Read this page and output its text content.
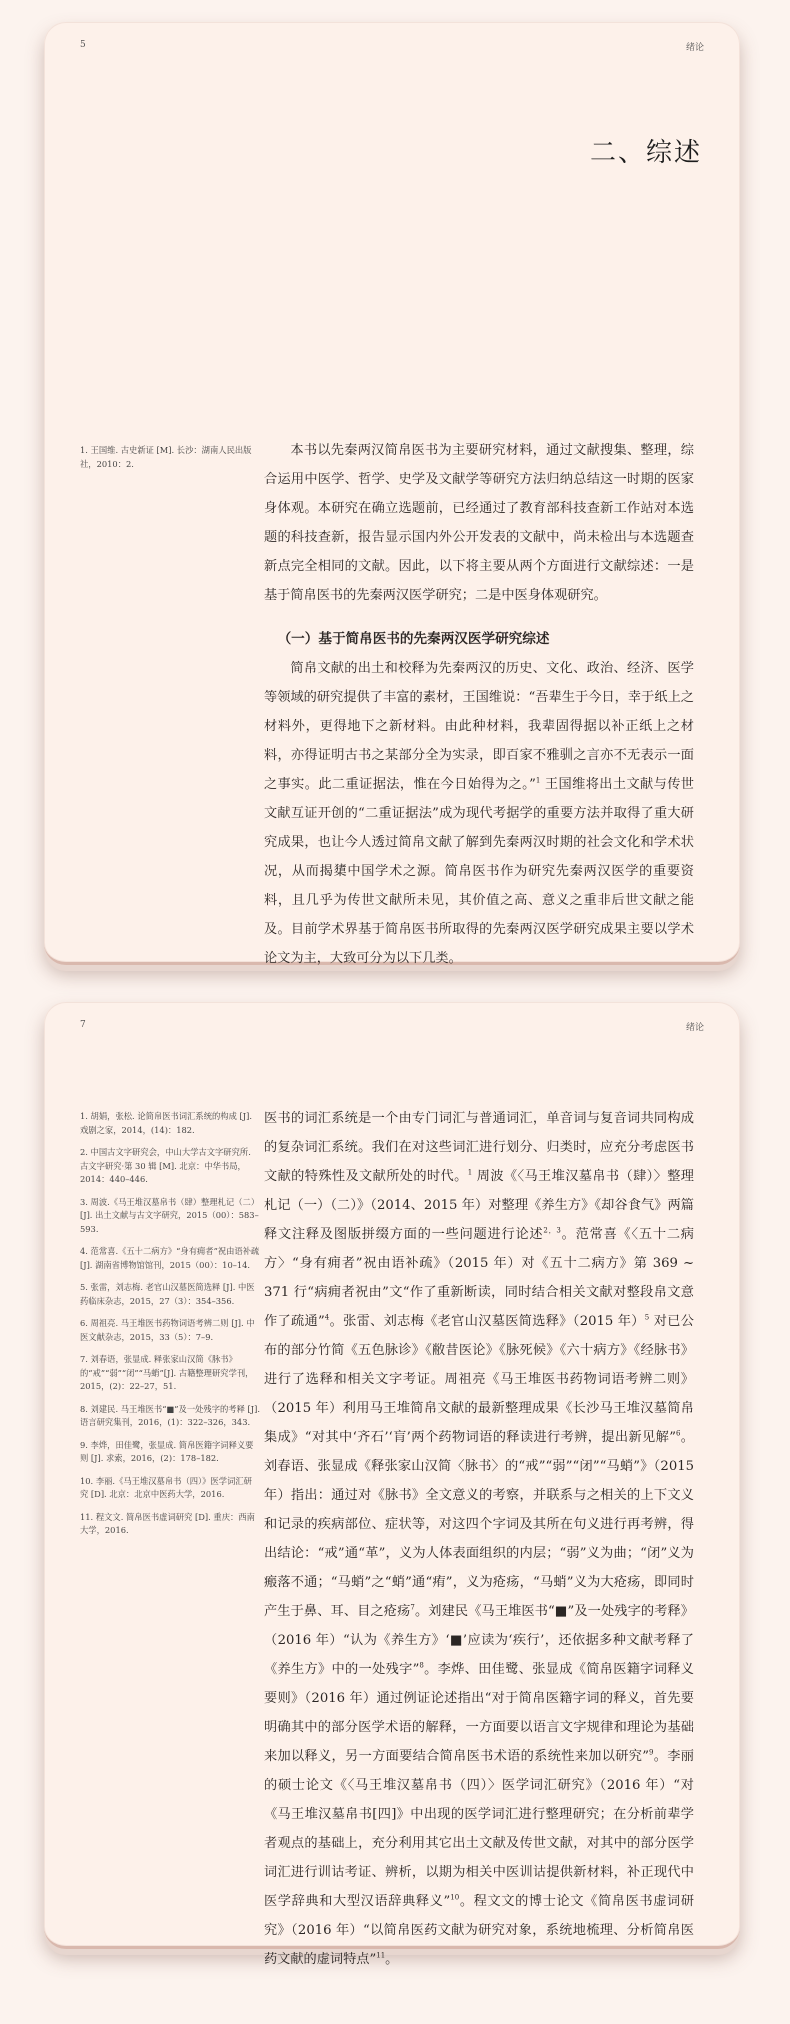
5	绪论
二、综述
1. 王国维. 古史新证 [M]. 长沙：湖南人民出版社，2010：2.

本书以先秦两汉简帛医书为主要研究材料，通过文献搜集、整理，综合运用中医学、哲学、史学及文献学等研究方法归纳总结这一时期的医家身体观。本研究在确立选题前，已经通过了教育部科技查新工作站对本选题的科技查新，报告显示国内外公开发表的文献中，尚未检出与本选题查新点完全相同的文献。因此，以下将主要从两个方面进行文献综述：一是基于简帛医书的先秦两汉医学研究；二是中医身体观研究。

（一）基于简帛医书的先秦两汉医学研究综述

简帛文献的出土和校释为先秦两汉的历史、文化、政治、经济、医学等领域的研究提供了丰富的素材，王国维说：“吾辈生于今日，幸于纸上之材料外，更得地下之新材料。由此种材料，我辈固得据以补正纸上之材料，亦得证明古书之某部分全为实录，即百家不雅驯之言亦不无表示一面之事实。此二重证据法，惟在今日始得为之。”$^1$ 王国维将出土文献与传世文献互证开创的“二重证据法”成为现代考据学的重要方法并取得了重大研究成果，也让今人透过简帛文献了解到先秦两汉时期的社会文化和学术状况，从而揭橥中国学术之源。简帛医书作为研究先秦两汉医学的重要资料，且几乎为传世文献所未见，其价值之高、意义之重非后世文献之能及。目前学术界基于简帛医书所取得的先秦两汉医学研究成果主要以学术论文为主，大致可分为以下几类。

7	绪论
1. 胡娟，张松. 论简帛医书词汇系统的构成 [J]. 戏剧之家，2014，(14)：182.
2. 中国古文字研究会，中山大学古文字研究所. 古文字研究·第 30 辑 [M]. 北京：中华书局，2014：440–446.
3. 周波.《马王堆汉墓帛书（肆）整理札记（二）[J]. 出土文献与古文字研究，2015（00）：583–593.
4. 范常喜.《五十二病方》“身有痈者”祝由语补疏 [J]. 湖南省博物馆馆刊，2015（00）：10–14.
5. 张雷，刘志梅. 老官山汉墓医简选释 [J]. 中医药临床杂志，2015，27（3）：354–356.
6. 周祖亮. 马王堆医书药物词语考辨二则 [J]. 中医文献杂志，2015，33（5）：7–9.
7. 刘春语，张显成. 释张家山汉简《脉书》的“戒”“弱”“闭”“马蛸”[J]. 古籍整理研究学刊，2015，(2)：22–27，51.
8. 刘建民. 马王堆医书“■”及一处残字的考释 [J]. 语言研究集刊，2016，(1)：322–326，343.
9. 李烨，田佳鹭，张显成. 简帛医籍字词释义要则 [J]. 求索，2016，(2)：178–182.
10. 李丽.《马王堆汉墓帛书（四）》医学词汇研究 [D]. 北京：北京中医药大学，2016.
11. 程文文. 简帛医书虚词研究 [D]. 重庆：西南大学，2016.

医书的词汇系统是一个由专门词汇与普通词汇，单音词与复音词共同构成的复杂词汇系统。我们在对这些词汇进行划分、归类时，应充分考虑医书文献的特殊性及文献所处的时代。$^1$ 周波《〈马王堆汉墓帛书（肆）〉整理札记（一）（二）》（2014、2015 年）对整理《养生方》《却谷食气》两篇释文注释及图版拼缀方面的一些问题进行论述$^{2,3}$。范常喜《〈五十二病方〉“身有痈者”祝由语补疏》（2015 年）对《五十二病方》第 369 ~ 371 行“病痈者祝由”文“作了重新断读，同时结合相关文献对整段帛文意作了疏通”$^4$。张雷、刘志梅《老官山汉墓医简选释》（2015 年）$^5$ 对已公布的部分竹简《五色脉诊》《敝昔医论》《脉死候》《六十病方》《经脉书》进行了选释和相关文字考证。周祖亮《马王堆医书药物词语考辨二则》（2015 年）利用马王堆简帛文献的最新整理成果《长沙马王堆汉墓简帛集成》“对其中‘齐石’‘肓’两个药物词语的释读进行考辨，提出新见解”$^6$。刘春语、张显成《释张家山汉简〈脉书〉的“戒”“弱”“闭”“马蛸”》（2015 年）指出：通过对《脉书》全文意义的考察，并联系与之相关的上下文义和记录的疾病部位、症状等，对这四个字词及其所在句义进行再考辨，得出结论：“戒”通“革”，义为人体表面组织的内层；“弱”义为曲；“闭”义为瘢落不通；“马蛸”之“蛸”通“痏”，义为疮疡，“马蛸”义为大疮疡，即同时产生于鼻、耳、目之疮疡$^7$。刘建民《马王堆医书“■”及一处残字的考释》（2016 年）“认为《养生方》‘■’应读为‘疾行’，还依据多种文献考释了《养生方》中的一处残字”$^8$。李烨、田佳鹭、张显成《简帛医籍字词释义要则》（2016 年）通过例证论述指出“对于简帛医籍字词的释义，首先要明确其中的部分医学术语的解释，一方面要以语言文字规律和理论为基础来加以释义，另一方面要结合简帛医书术语的系统性来加以研究”$^9$。李丽的硕士论文《〈马王堆汉墓帛书（四）〉医学词汇研究》（2016 年）“对《马王堆汉墓帛书[四]》中出现的医学词汇进行整理研究；在分析前辈学者观点的基础上，充分利用其它出土文献及传世文献，对其中的部分医学词汇进行训诂考证、辨析，以期为相关中医训诂提供新材料，补正现代中医学辞典和大型汉语辞典释义”$^{10}$。程文文的博士论文《简帛医书虚词研究》（2016 年）“以简帛医药文献为研究对象，系统地梳理、分析简帛医药文献的虚词特点”$^{11}$。
